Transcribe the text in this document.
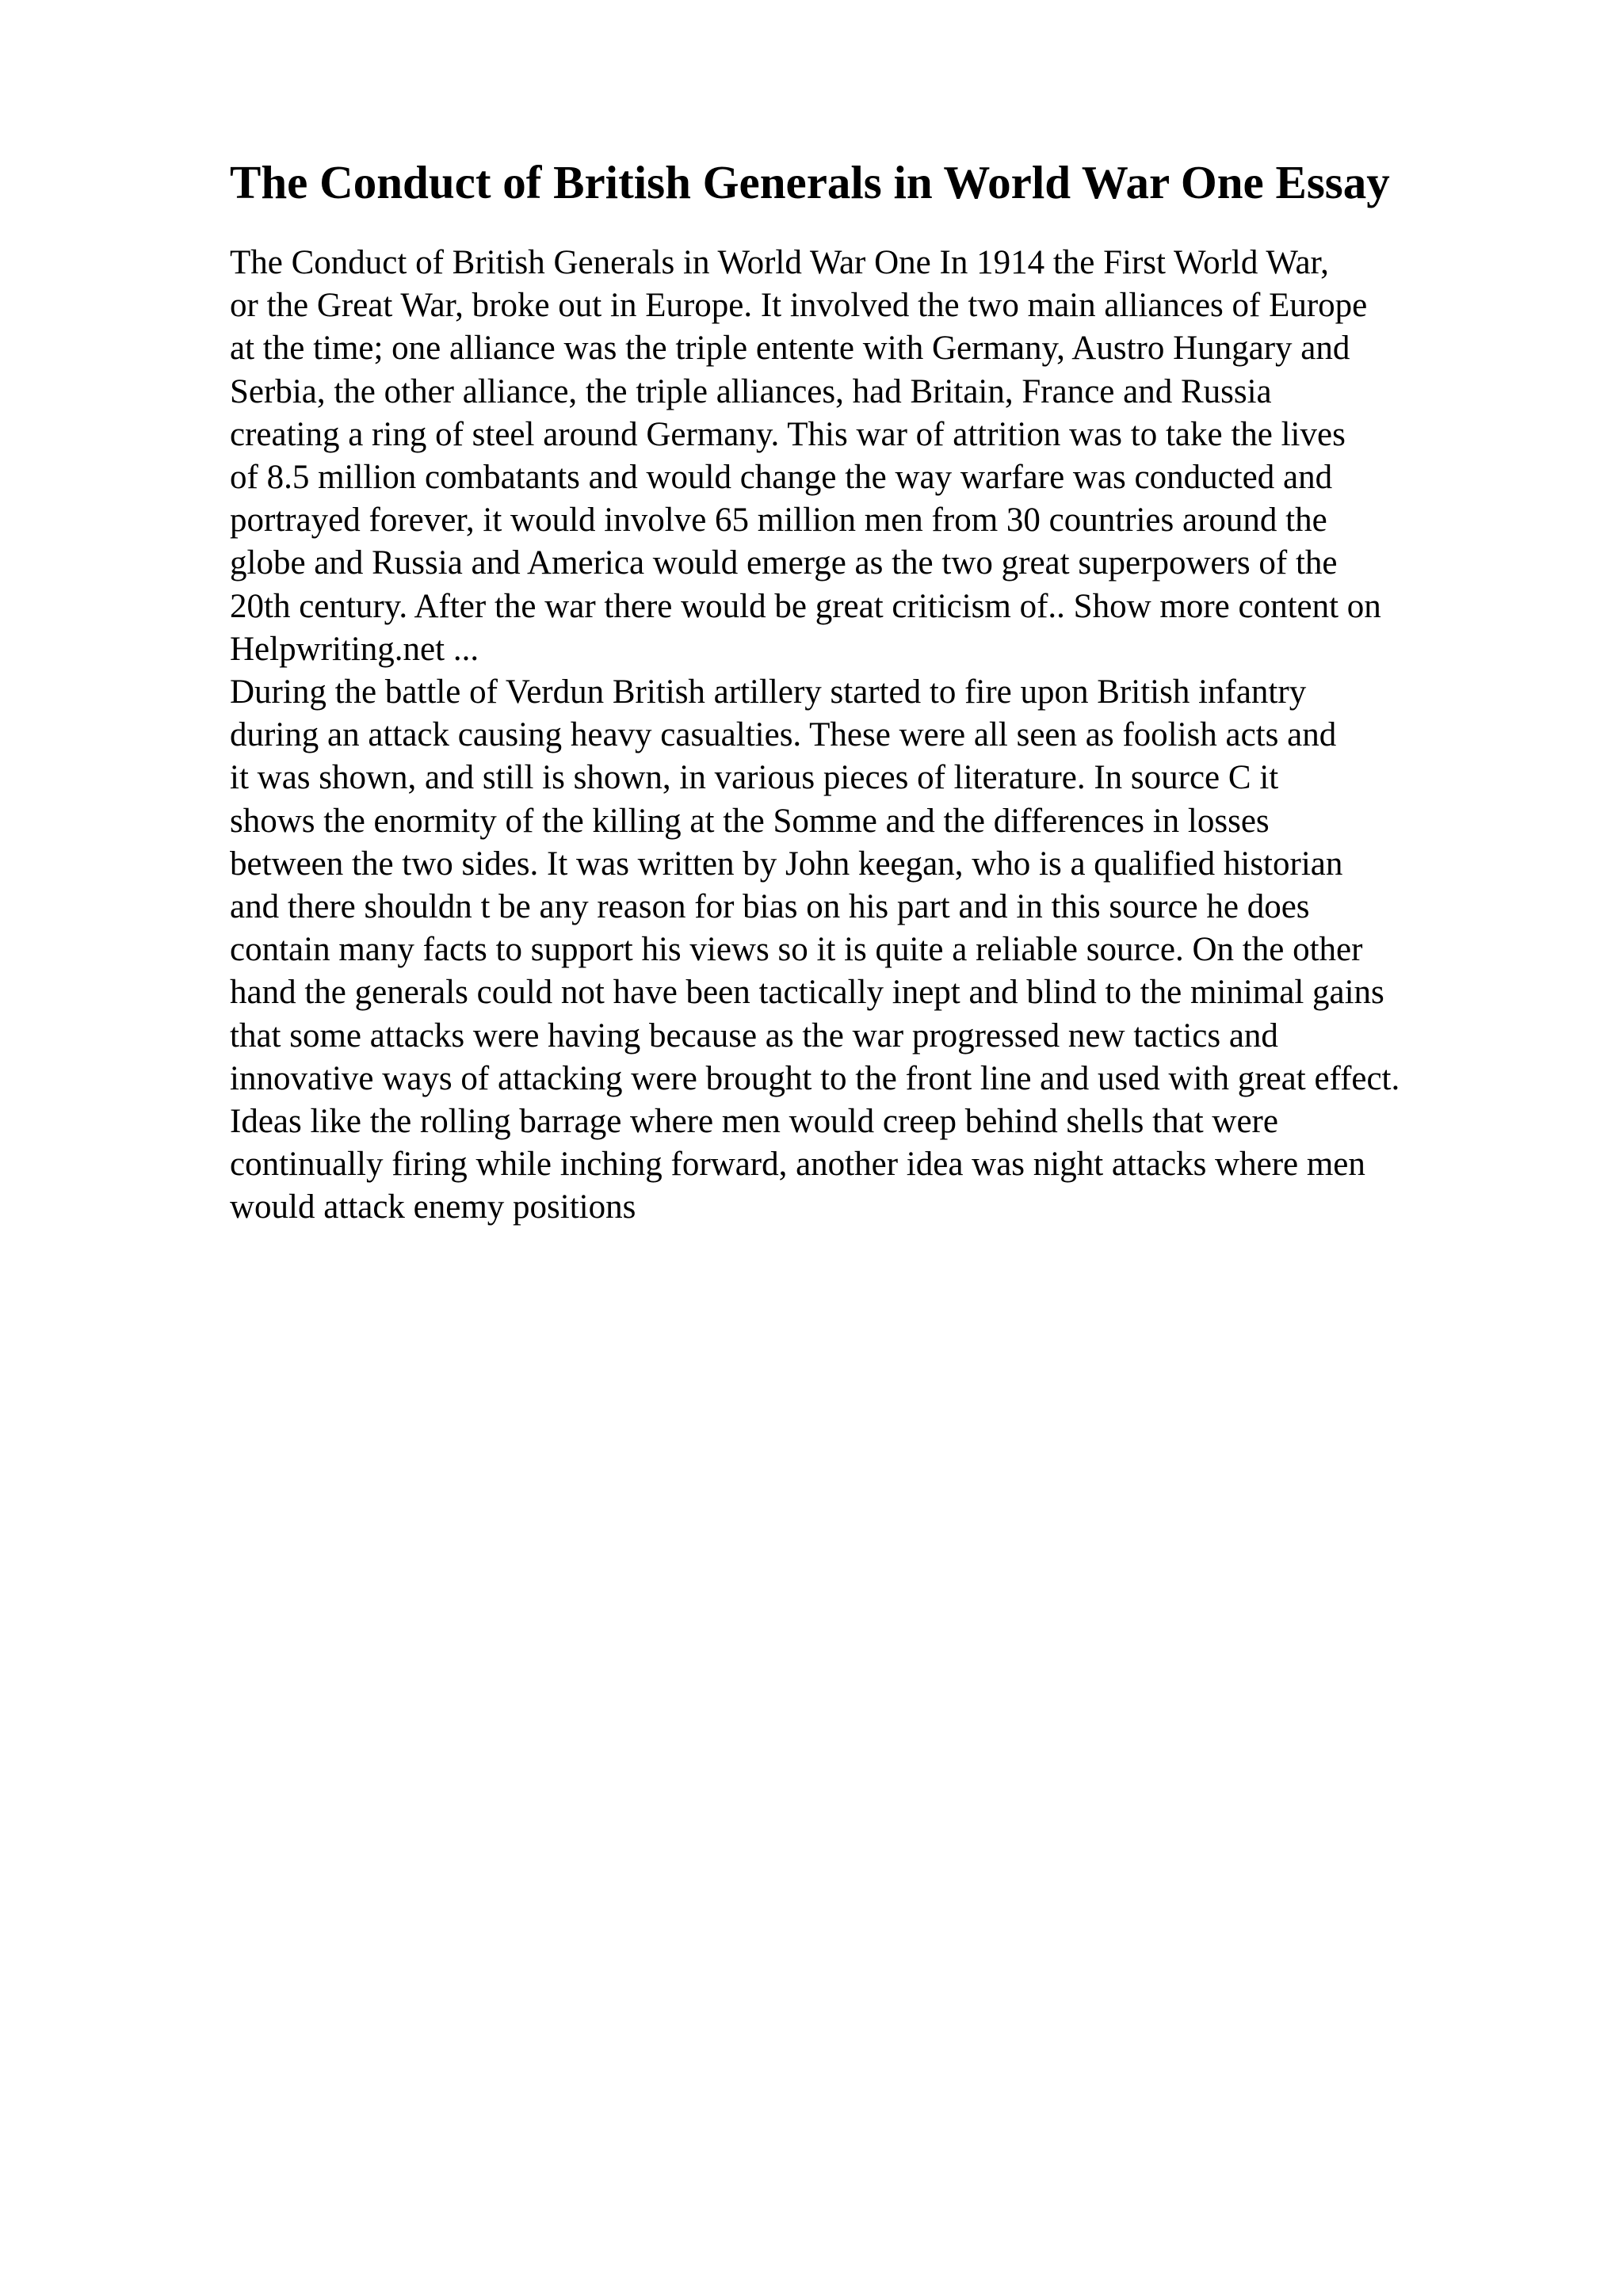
The Conduct of British Generals in World War One Essay
The Conduct of British Generals in World War One In 1914 the First World War,
or the Great War, broke out in Europe. It involved the two main alliances of Europe
at the time; one alliance was the triple entente with Germany, Austro Hungary and
Serbia, the other alliance, the triple alliances, had Britain, France and Russia
creating a ring of steel around Germany. This war of attrition was to take the lives
of 8.5 million combatants and would change the way warfare was conducted and
portrayed forever, it would involve 65 million men from 30 countries around the
globe and Russia and America would emerge as the two great superpowers of the
20th century. After the war there would be great criticism of.. Show more content on
Helpwriting.net ...
During the battle of Verdun British artillery started to fire upon British infantry
during an attack causing heavy casualties. These were all seen as foolish acts and
it was shown, and still is shown, in various pieces of literature. In source C it
shows the enormity of the killing at the Somme and the differences in losses
between the two sides. It was written by John keegan, who is a qualified historian
and there shouldn t be any reason for bias on his part and in this source he does
contain many facts to support his views so it is quite a reliable source. On the other
hand the generals could not have been tactically inept and blind to the minimal gains
that some attacks were having because as the war progressed new tactics and
innovative ways of attacking were brought to the front line and used with great effect.
Ideas like the rolling barrage where men would creep behind shells that were
continually firing while inching forward, another idea was night attacks where men
would attack enemy positions
